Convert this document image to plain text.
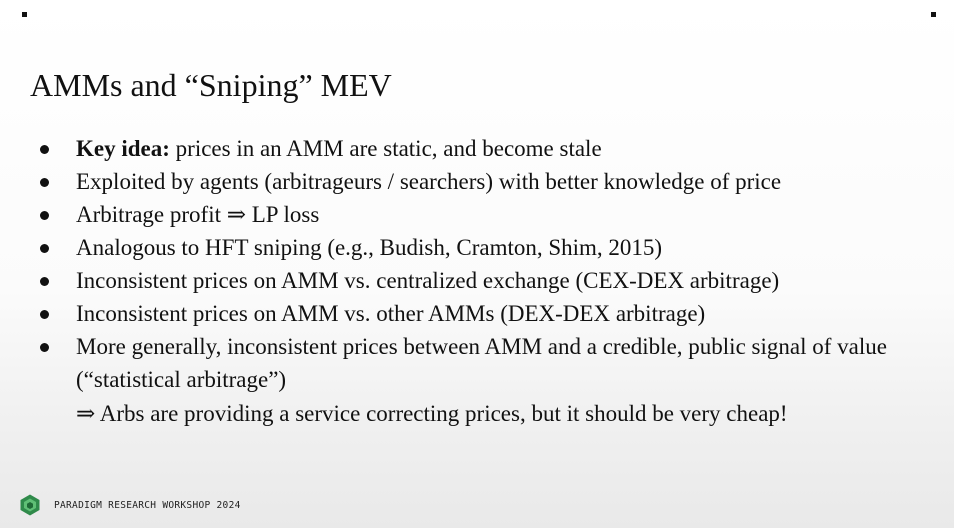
AMMs and “Sniping” MEV
Key idea: prices in an AMM are static, and become stale
Exploited by agents (arbitrageurs / searchers) with better knowledge of price
Arbitrage profit ⇒ LP loss
Analogous to HFT sniping (e.g., Budish, Cramton, Shim, 2015)
Inconsistent prices on AMM vs. centralized exchange (CEX-DEX arbitrage)
Inconsistent prices on AMM vs. other AMMs (DEX-DEX arbitrage)
More generally, inconsistent prices between AMM and a credible, public signal of value (“statistical arbitrage”)
⇒ Arbs are providing a service correcting prices, but it should be very cheap!
PARADIGM RESEARCH WORKSHOP 2024
